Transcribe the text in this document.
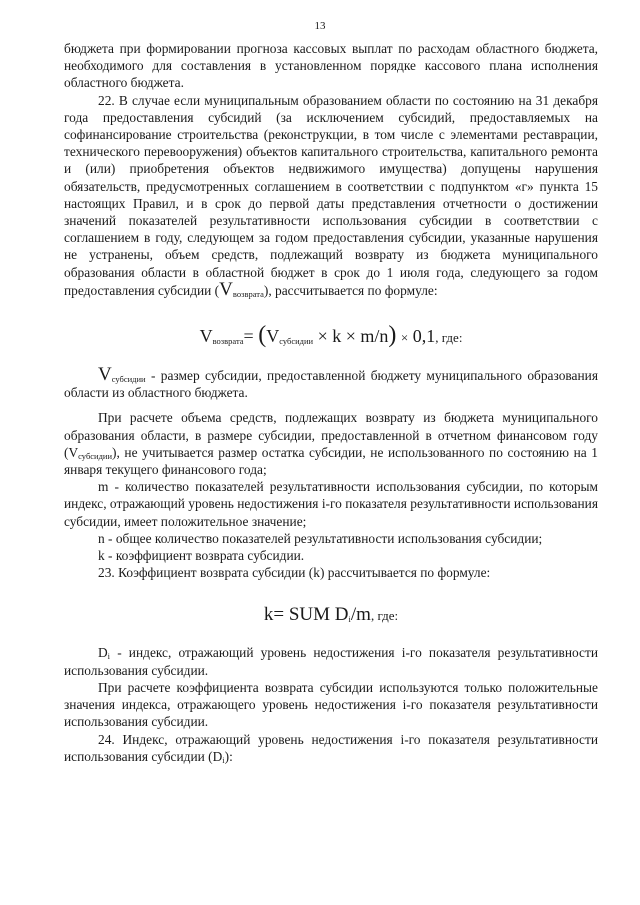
13

бюджета при формировании прогноза кассовых выплат по расходам областного бюджета, необходимого для составления в установленном порядке кассового плана исполнения областного бюджета.

22. В случае если муниципальным образованием области по состоянию на 31 декабря года предоставления субсидий (за исключением субсидий, предоставляемых на софинансирование строительства (реконструкции, в том числе с элементами реставрации, технического перевооружения) объектов капитального строительства, капитального ремонта и (или) приобретения объектов недвижимого имущества) допущены нарушения обязательств, предусмотренных соглашением в соответствии с подпунктом «г» пункта 15 настоящих Правил, и в срок до первой даты представления отчетности о достижении значений показателей результативности использования субсидии в соответствии с соглашением в году, следующем за годом предоставления субсидии, указанные нарушения не устранены, объем средств, подлежащий возврату из бюджета муниципального образования области в областной бюджет в срок до 1 июля года, следующего за годом предоставления субсидии $(V_{возврата})$, рассчитывается по формуле:

$V_{возврата}= (V_{субсидии} \times k \times m/n) \times 0,1$, где:

$V_{субсидии}$ - размер субсидии, предоставленной бюджету муниципального образования области из областного бюджета.

При расчете объема средств, подлежащих возврату из бюджета муниципального образования области, в размере субсидии, предоставленной в отчетном финансовом году $(V_{субсидии})$, не учитывается размер остатка субсидии, не использованного по состоянию на 1 января текущего финансового года;

m - количество показателей результативности использования субсидии, по которым индекс, отражающий уровень недостижения i-го показателя результативности использования субсидии, имеет положительное значение;

n - общее количество показателей результативности использования субсидии;

k - коэффициент возврата субсидии.

23. Коэффициент возврата субсидии (k) рассчитывается по формуле:

k= SUM $D_i/m$, где:

$D_i$ - индекс, отражающий уровень недостижения i-го показателя результативности использования субсидии.

При расчете коэффициента возврата субсидии используются только положительные значения индекса, отражающего уровень недостижения i-го показателя результативности использования субсидии.

24. Индекс, отражающий уровень недостижения i-го показателя результативности использования субсидии $(D_i)$:
